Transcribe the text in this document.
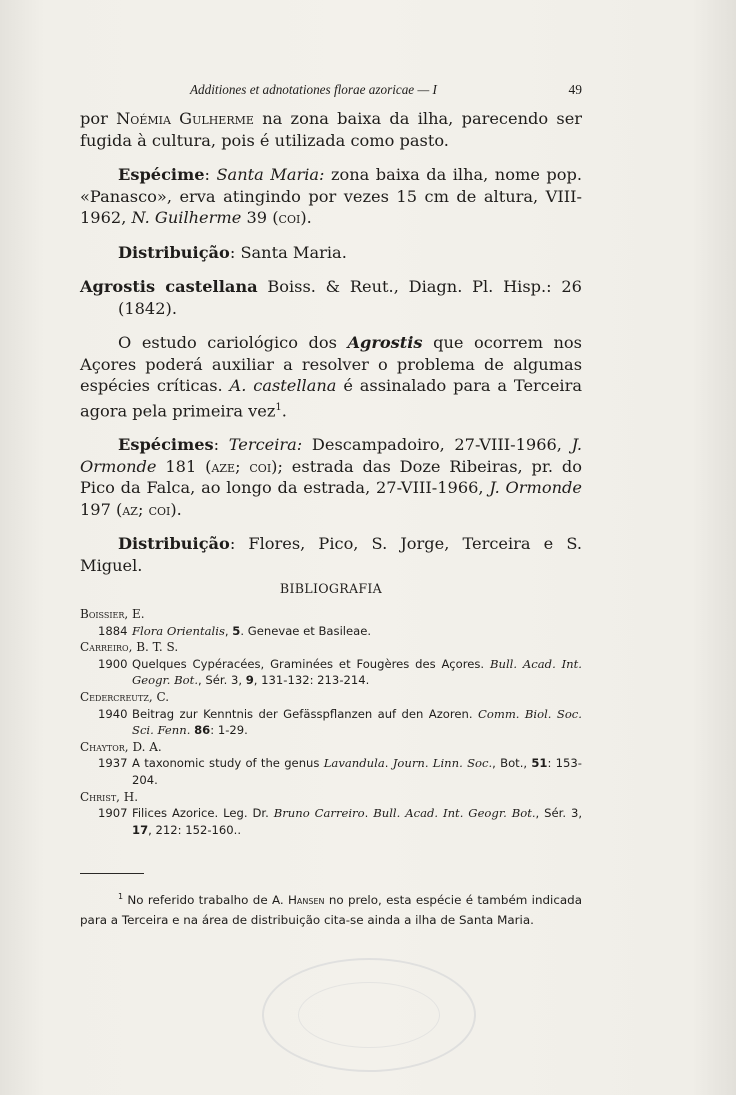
Additiones et adnotationes florae azoricae — I	49

por Noémia Gulherme na zona baixa da ilha, parecendo ser fugida à cultura, pois é utilizada como pasto.

Espécime: Santa Maria: zona baixa da ilha, nome pop. «Panasco», erva atingindo por vezes 15 cm de altura, VIII-1962, N. Guilherme 39 (coi).

Distribuição: Santa Maria.

Agrostis castellana Boiss. & Reut., Diagn. Pl. Hisp.: 26 (1842).

O estudo cariológico dos Agrostis que ocorrem nos Açores poderá auxiliar a resolver o problema de algumas espécies críticas. A. castellana é assinalado para a Terceira agora pela primeira vez$^1$.

Espécimes: Terceira: Descampadoiro, 27-VIII-1966, J. Ormonde 181 (aze; coi); estrada das Doze Ribeiras, pr. do Pico da Falca, ao longo da estrada, 27-VIII-1966, J. Ormonde 197 (az; coi).

Distribuição: Flores, Pico, S. Jorge, Terceira e S. Miguel.

BIBLIOGRAFIA
Boissier, E.
1884 Flora Orientalis, 5. Genevae et Basileae.
Carreiro, B. T. S.
1900 Quelques Cypéracées, Graminées et Fougères des Açores. Bull. Acad. Int. Geogr. Bot., Sér. 3, 9, 131-132: 213-214.
Cedercreutz, C.
1940 Beitrag zur Kenntnis der Gefässpflanzen auf den Azoren. Comm. Biol. Soc. Sci. Fenn. 86: 1-29.
Chaytor, D. A.
1937 A taxonomic study of the genus Lavandula. Journ. Linn. Soc., Bot., 51: 153-204.
Christ, H.
1907 Filices Azorice. Leg. Dr. Bruno Carreiro. Bull. Acad. Int. Geogr. Bot., Sér. 3, 17, 212: 152-160..
$^1$ No referido trabalho de A. Hansen no prelo, esta espécie é também indicada para a Terceira e na área de distribuição cita-se ainda a ilha de Santa Maria.
